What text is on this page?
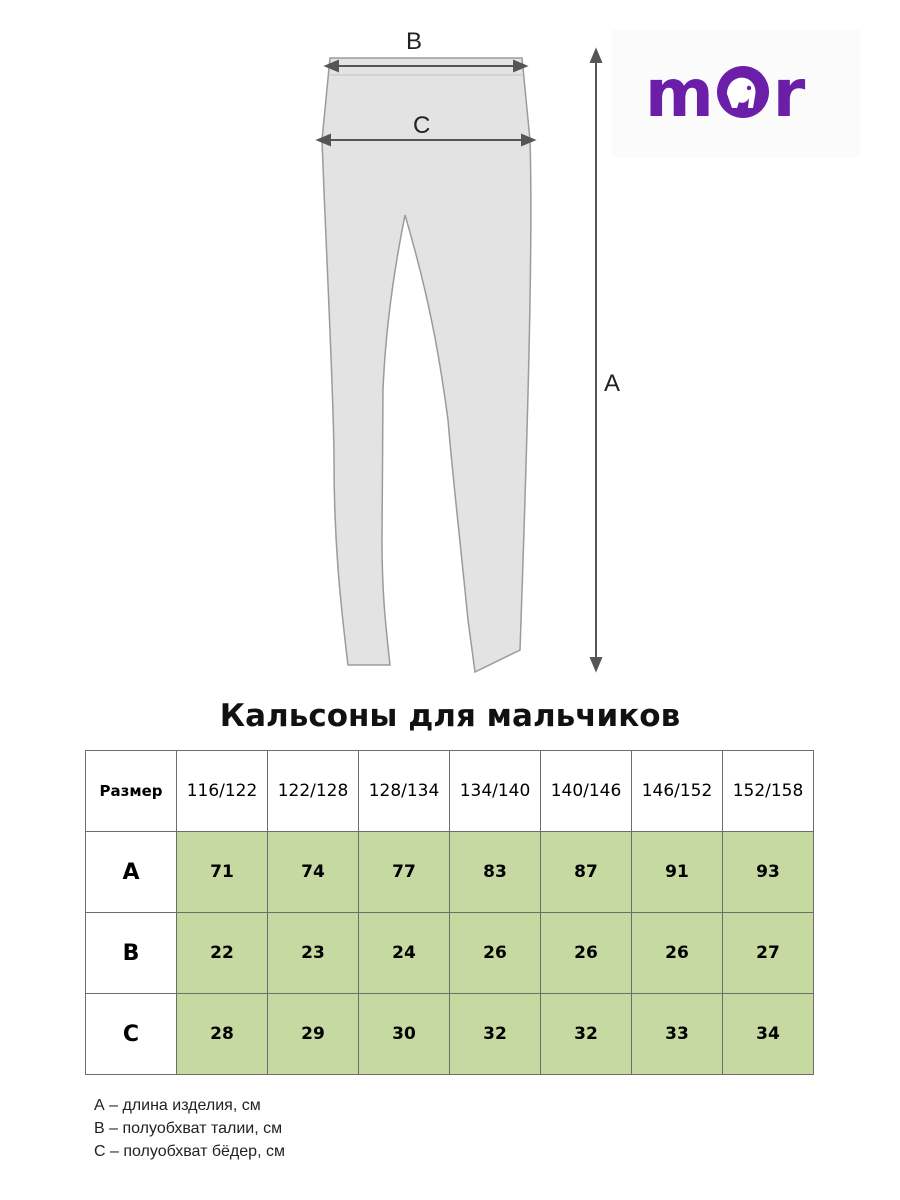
B
C
A
m r
Кальсоны для мальчиков
Размер	116/122	122/128	128/134	134/140	140/146	146/152	152/158
A	71	74	77	83	87	91	93
B	22	23	24	26	26	26	27
C	28	29	30	32	32	33	34
А – длина изделия, см
В – полуобхват талии, см
С – полуобхват бёдер, см
